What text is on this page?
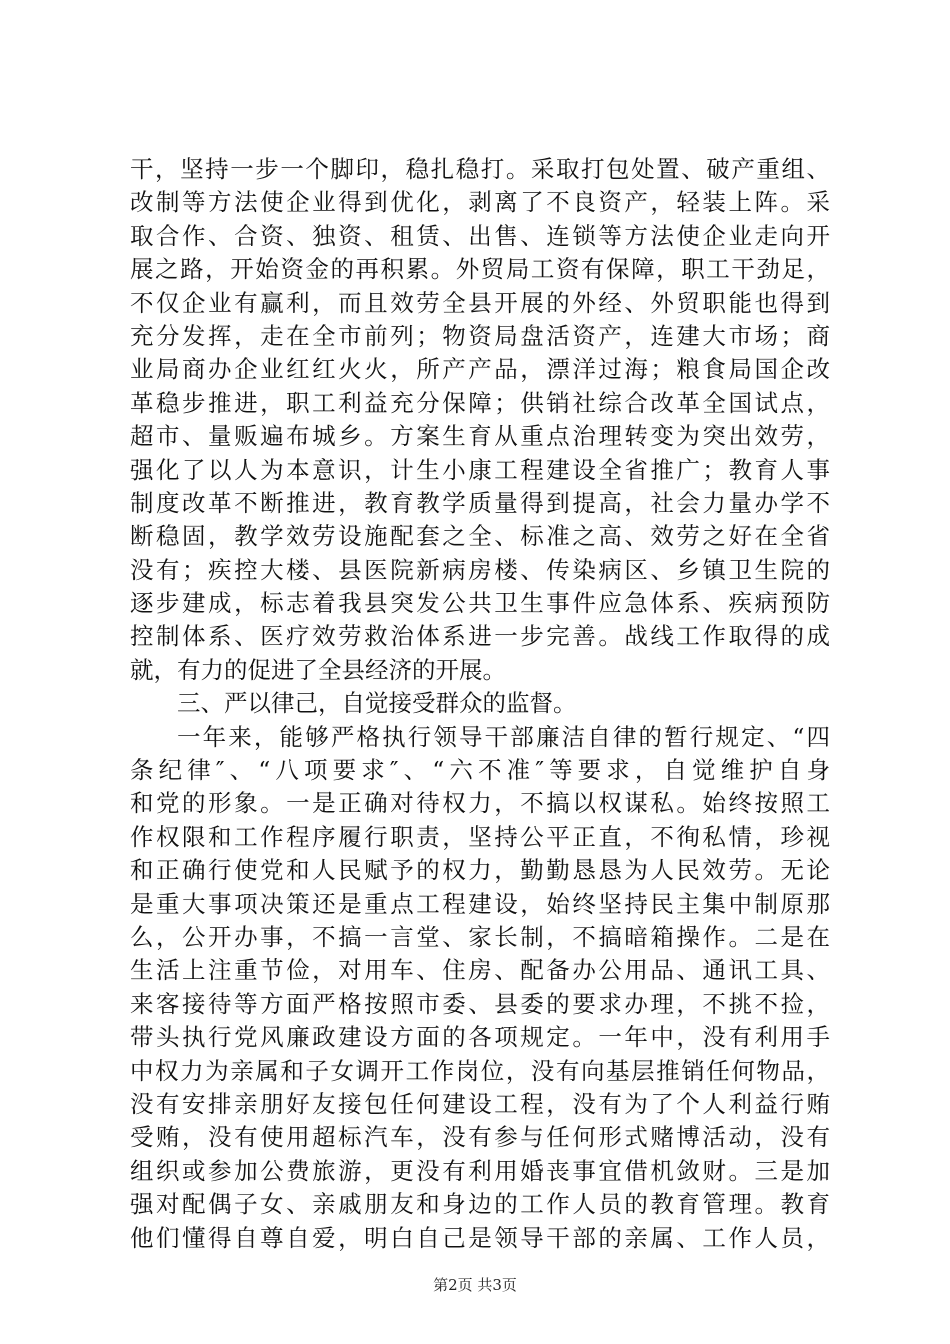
干，坚持一步一个脚印，稳扎稳打。采取打包处置、破产重组、
改制等方法使企业得到优化，剥离了不良资产，轻装上阵。采
取合作、合资、独资、租赁、出售、连锁等方法使企业走向开
展之路，开始资金的再积累。外贸局工资有保障，职工干劲足，
不仅企业有赢利，而且效劳全县开展的外经、外贸职能也得到
充分发挥，走在全市前列；物资局盘活资产，连建大市场；商
业局商办企业红红火火，所产产品，漂洋过海；粮食局国企改
革稳步推进，职工利益充分保障；供销社综合改革全国试点，
超市、量贩遍布城乡。方案生育从重点治理转变为突出效劳，
强化了以人为本意识，计生小康工程建设全省推广；教育人事
制度改革不断推进，教育教学质量得到提高，社会力量办学不
断稳固，教学效劳设施配套之全、标准之高、效劳之好在全省
没有；疾控大楼、县医院新病房楼、传染病区、乡镇卫生院的
逐步建成，标志着我县突发公共卫生事件应急体系、疾病预防
控制体系、医疗效劳救治体系进一步完善。战线工作取得的成
就，有力的促进了全县经济的开展。
三、严以律己，自觉接受群众的监督。
一年来，能够严格执行领导干部廉洁自律的暂行规定、“四
条纪律″、“八项要求″、“六不准″等要求，自觉维护自身
和党的形象。一是正确对待权力，不搞以权谋私。始终按照工
作权限和工作程序履行职责，坚持公平正直，不徇私情，珍视
和正确行使党和人民赋予的权力，勤勤恳恳为人民效劳。无论
是重大事项决策还是重点工程建设，始终坚持民主集中制原那
么，公开办事，不搞一言堂、家长制，不搞暗箱操作。二是在
生活上注重节俭，对用车、住房、配备办公用品、通讯工具、
来客接待等方面严格按照市委、县委的要求办理，不挑不捡，
带头执行党风廉政建设方面的各项规定。一年中，没有利用手
中权力为亲属和子女调开工作岗位，没有向基层推销任何物品，
没有安排亲朋好友接包任何建设工程，没有为了个人利益行贿
受贿，没有使用超标汽车，没有参与任何形式赌博活动，没有
组织或参加公费旅游，更没有利用婚丧事宜借机敛财。三是加
强对配偶子女、亲戚朋友和身边的工作人员的教育管理。教育
他们懂得自尊自爱，明白自己是领导干部的亲属、工作人员，
第2页 共3页
